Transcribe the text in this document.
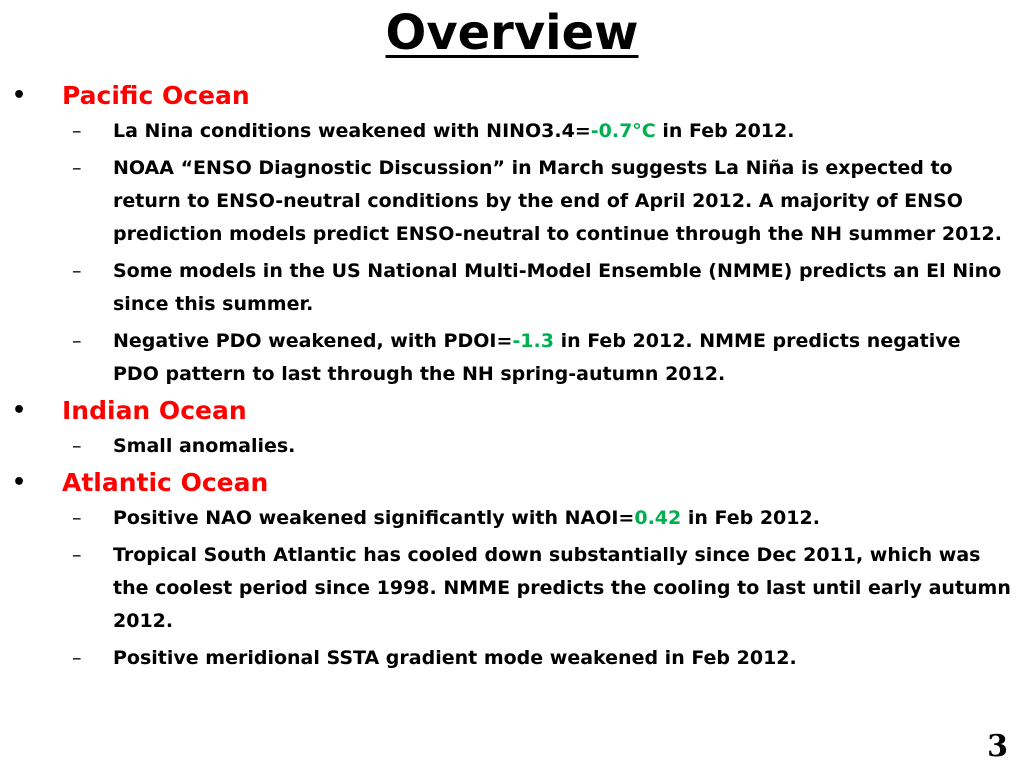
Overview
• Pacific Ocean
– La Nina conditions weakened with NINO3.4=-0.7°C in Feb 2012.
– NOAA “ENSO Diagnostic Discussion” in March suggests La Niña is expected to return to ENSO-neutral conditions by the end of April 2012. A majority of ENSO prediction models predict ENSO-neutral to continue through the NH summer 2012.
– Some models in the US National Multi-Model Ensemble (NMME) predicts an El Nino since this summer.
– Negative PDO weakened, with PDOI=-1.3 in Feb 2012. NMME predicts negative PDO pattern to last through the NH spring-autumn 2012.
• Indian Ocean
– Small anomalies.
• Atlantic Ocean
– Positive NAO weakened significantly with NAOI=0.42 in Feb 2012.
– Tropical South Atlantic has cooled down substantially since Dec 2011, which was the coolest period since 1998. NMME predicts the cooling to last until early autumn 2012.
– Positive meridional SSTA gradient mode weakened in Feb 2012.
3
